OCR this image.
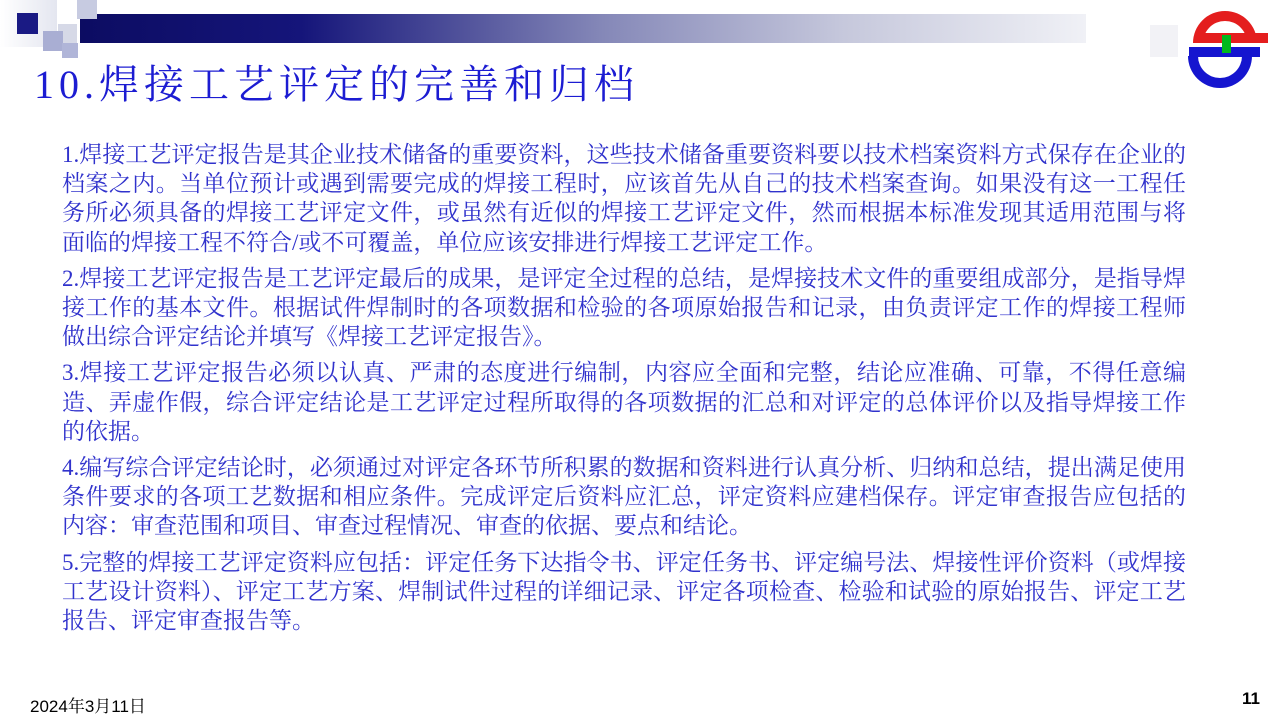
10.焊接工艺评定的完善和归档

1.焊接工艺评定报告是其企业技术储备的重要资料，这些技术储备重要资料要以技术档案资料方式保存在企业的档案之内。当单位预计或遇到需要完成的焊接工程时，应该首先从自己的技术档案查询。如果没有这一工程任务所必须具备的焊接工艺评定文件，或虽然有近似的焊接工艺评定文件，然而根据本标准发现其适用范围与将面临的焊接工程不符合/或不可覆盖，单位应该安排进行焊接工艺评定工作。

2.焊接工艺评定报告是工艺评定最后的成果，是评定全过程的总结，是焊接技术文件的重要组成部分，是指导焊接工作的基本文件。根据试件焊制时的各项数据和检验的各项原始报告和记录，由负责评定工作的焊接工程师做出综合评定结论并填写《焊接工艺评定报告》。

3.焊接工艺评定报告必须以认真、严肃的态度进行编制，内容应全面和完整，结论应准确、可靠，不得任意编造、弄虚作假，综合评定结论是工艺评定过程所取得的各项数据的汇总和对评定的总体评价以及指导焊接工作的依据。

4.编写综合评定结论时，必须通过对评定各环节所积累的数据和资料进行认真分析、归纳和总结，提出满足使用条件要求的各项工艺数据和相应条件。完成评定后资料应汇总，评定资料应建档保存。评定审查报告应包括的内容：审查范围和项目、审查过程情况、审查的依据、要点和结论。

5.完整的焊接工艺评定资料应包括：评定任务下达指令书、评定任务书、评定编号法、焊接性评价资料（或焊接工艺设计资料）、评定工艺方案、焊制试件过程的详细记录、评定各项检查、检验和试验的原始报告、评定工艺报告、评定审查报告等。

2024年3月11日	11
